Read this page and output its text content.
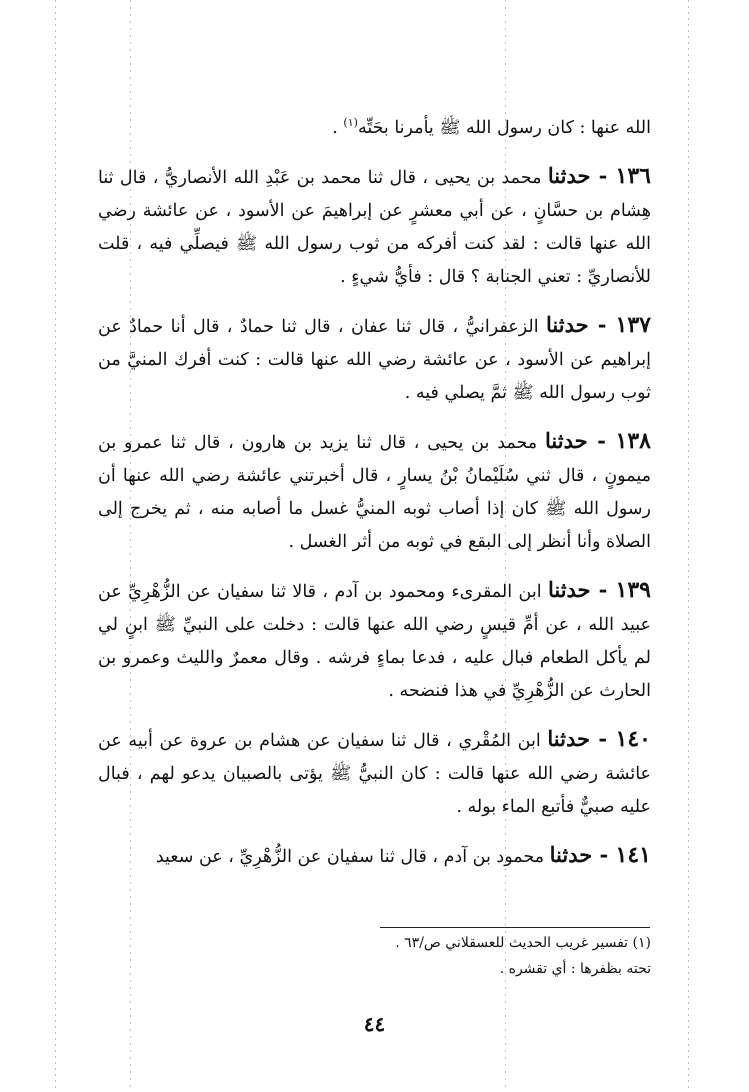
الله عنها : كان رسول الله ﷺ يأمرنا بحَتِّه$^{(١)}$ .

١٣٦ - حدثنا محمد بن يحيى ، قال ثنا محمد بن عَبْدِ الله الأنصاريُّ ، قال ثنا هِشام بن حسَّانٍ ، عن أبي معشرٍ عن إبراهيمَ عن الأسود ، عن عائشة رضي الله عنها قالت : لقد كنت أفركه من ثوب رسول الله ﷺ فيصلِّي فيه ، قلت للأنصاريِّ : تعني الجنابة ؟ قال : فأيُّ شيءٍ .

١٣٧ - حدثنا الزعفرانيُّ ، قال ثنا عفان ، قال ثنا حمادٌ ، قال أنا حمادٌ عن إبراهيم عن الأسود ، عن عائشة رضي الله عنها قالت : كنت أفرك المنيَّ من ثوب رسول الله ﷺ ثمَّ يصلي فيه .

١٣٨ - حدثنا محمد بن يحيى ، قال ثنا يزيد بن هارون ، قال ثنا عمرو بن ميمونٍ ، قال ثني سُلَيْمانُ بْنُ يسارٍ ، قال أخبرتني عائشة رضي الله عنها أن رسول الله ﷺ كان إذا أصاب ثوبه المنيُّ غسل ما أصابه منه ، ثم يخرج إلى الصلاة وأنا أنظر إلى البقع في ثوبه من أثر الغسل .

١٣٩ - حدثنا ابن المقرىء ومحمود بن آدم ، قالا ثنا سفيان عن الزُّهْرِيِّ عن عبيد الله ، عن أمِّ قيسٍ رضي الله عنها قالت : دخلت على النبيِّ ﷺ ابنٍ لي لم يأكل الطعام فبال عليه ، فدعا بماءٍ فرشه . وقال معمرٌ والليث وعمرو بن الحارث عن الزُّهْرِيِّ في هذا فنضحه .

١٤٠ - حدثنا ابن المُقْري ، قال ثنا سفيان عن هشام بن عروة عن أبيه عن عائشة رضي الله عنها قالت : كان النبيُّ ﷺ يؤتى بالصبيان يدعو لهم ، فبال عليه صبيٌّ فأتبع الماء بوله .

١٤١ - حدثنا محمود بن آدم ، قال ثنا سفيان عن الزُّهْرِيِّ ، عن سعيد

(١) تفسير غريب الحديث للعسقلاني ص/٦٣ .

تحته بظفرها : أي تقشره .

٤٤
